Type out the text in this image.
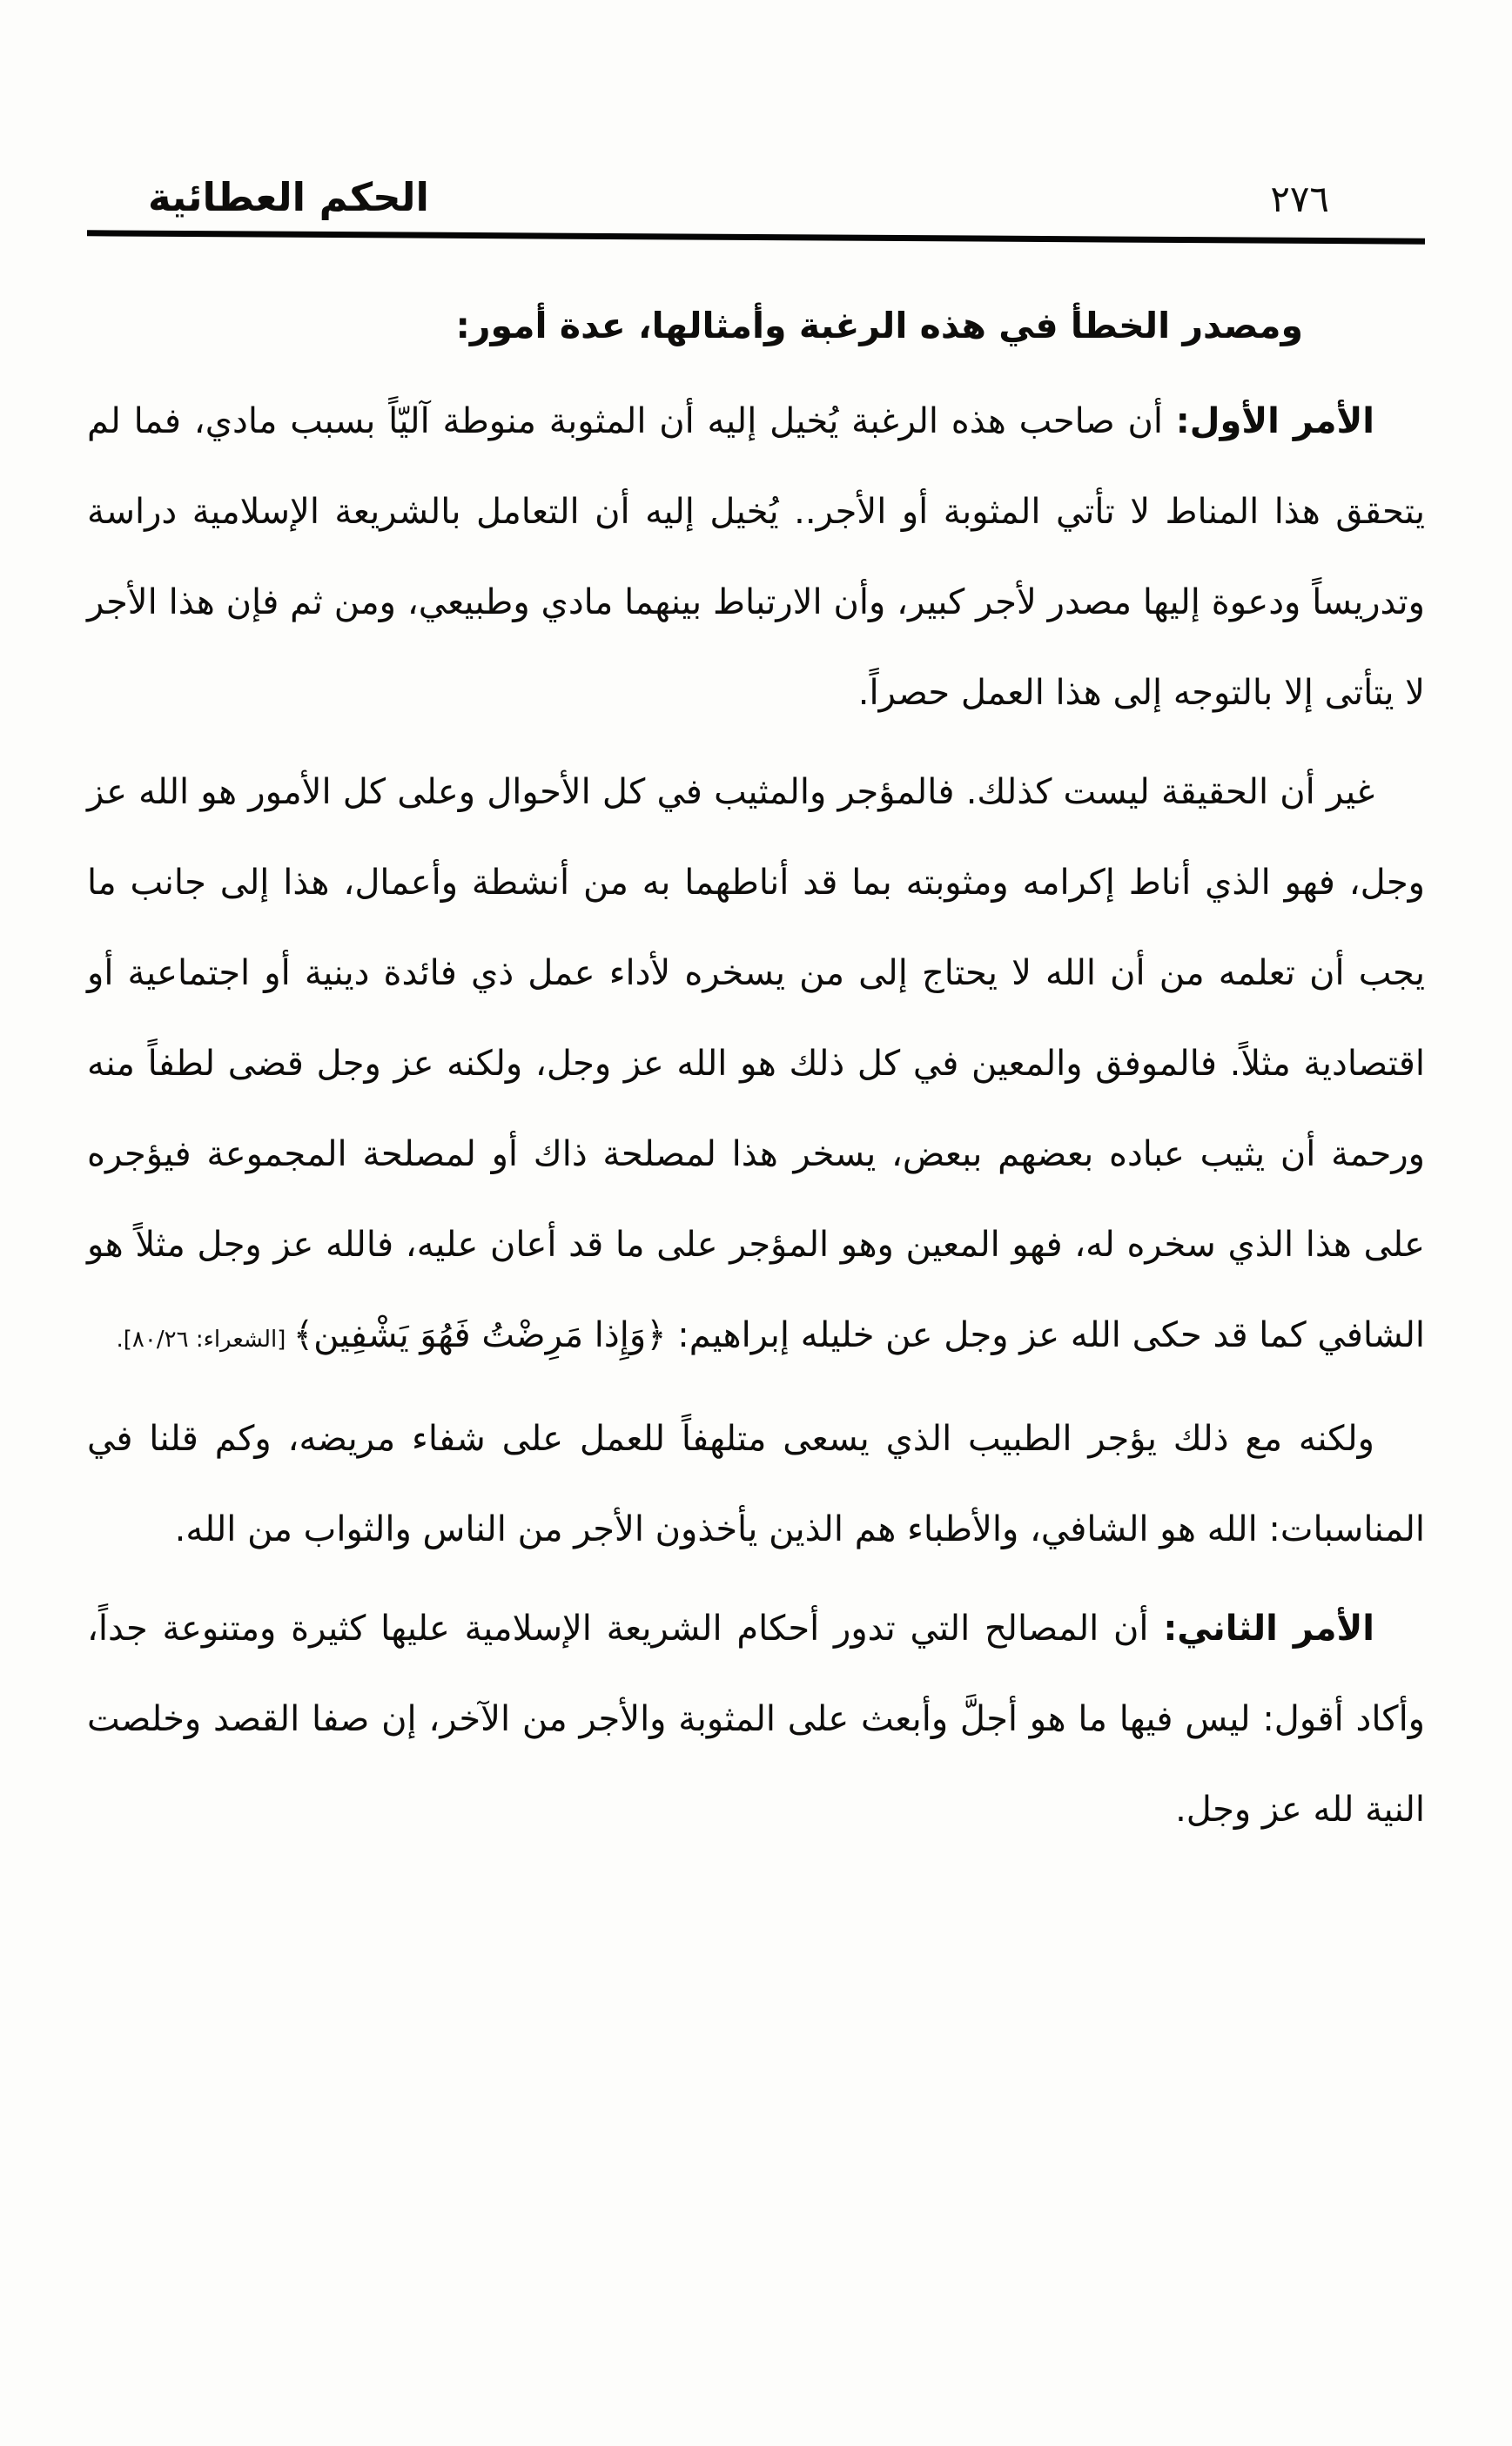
الحكم العطائية	٢٧٦

ومصدر الخطأ في هذه الرغبة وأمثالها، عدة أمور:

الأمر الأول: أن صاحب هذه الرغبة يُخيل إليه أن المثوبة منوطة آليّاً بسبب مادي، فما لم يتحقق هذا المناط لا تأتي المثوبة أو الأجر.. يُخيل إليه أن التعامل بالشريعة الإسلامية دراسة وتدريساً ودعوة إليها مصدر لأجر كبير، وأن الارتباط بينهما مادي وطبيعي، ومن ثم فإن هذا الأجر لا يتأتى إلا بالتوجه إلى هذا العمل حصراً.

غير أن الحقيقة ليست كذلك. فالمؤجر والمثيب في كل الأحوال وعلى كل الأمور هو الله عز وجل، فهو الذي أناط إكرامه ومثوبته بما قد أناطهما به من أنشطة وأعمال، هذا إلى جانب ما يجب أن تعلمه من أن الله لا يحتاج إلى من يسخره لأداء عمل ذي فائدة دينية أو اجتماعية أو اقتصادية مثلاً. فالموفق والمعين في كل ذلك هو الله عز وجل، ولكنه عز وجل قضى لطفاً منه ورحمة أن يثيب عباده بعضهم ببعض، يسخر هذا لمصلحة ذاك أو لمصلحة المجموعة فيؤجره على هذا الذي سخره له، فهو المعين وهو المؤجر على ما قد أعان عليه، فالله عز وجل مثلاً هو الشافي كما قد حكى الله عز وجل عن خليله إبراهيم: ﴿وَإِذا مَرِضْتُ فَهُوَ يَشْفِين﴾ [الشعراء: ٢٦‏/‏٨٠].

ولكنه مع ذلك يؤجر الطبيب الذي يسعى متلهفاً للعمل على شفاء مريضه، وكم قلنا في المناسبات: الله هو الشافي، والأطباء هم الذين يأخذون الأجر من الناس والثواب من الله.

الأمر الثاني: أن المصالح التي تدور أحكام الشريعة الإسلامية عليها كثيرة ومتنوعة جداً، وأكاد أقول: ليس فيها ما هو أجلَّ وأبعث على المثوبة والأجر من الآخر، إن صفا القصد وخلصت النية لله عز وجل.
